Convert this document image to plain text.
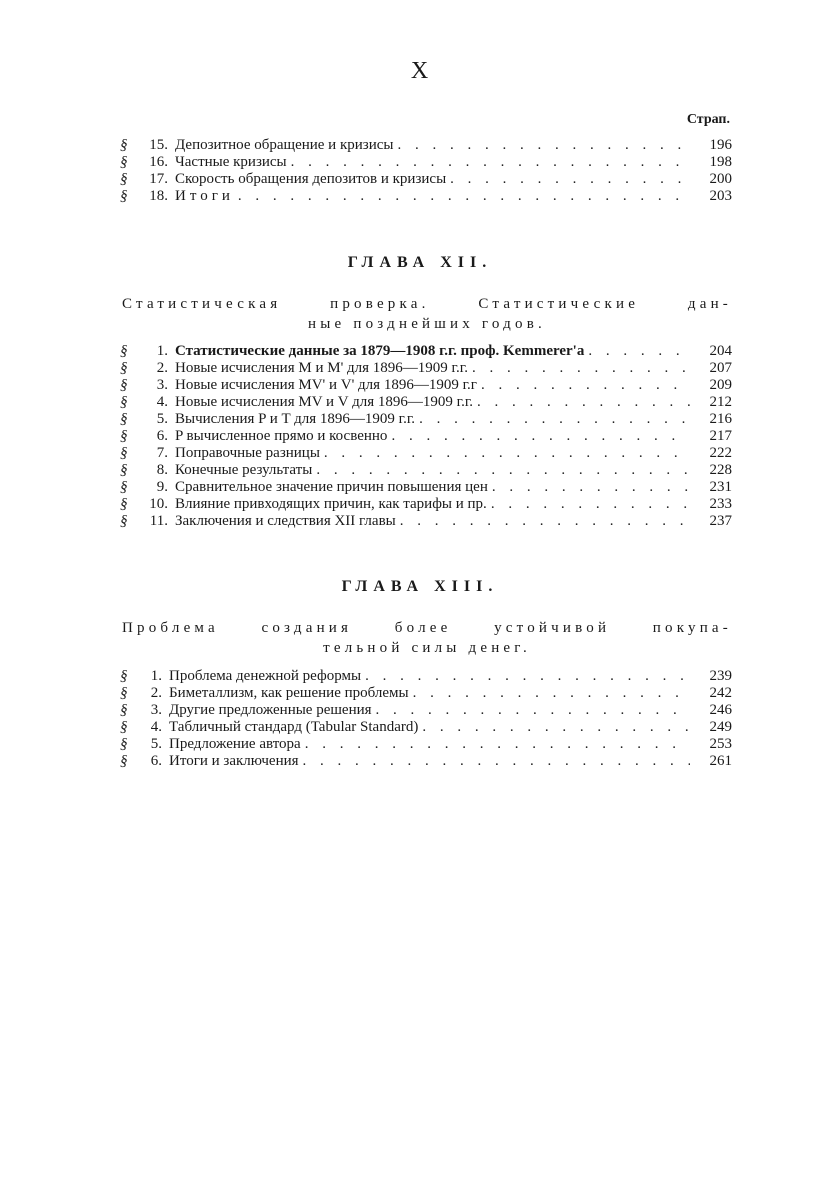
X
Страп.
§	15. Депозитное обращение и кризисы . . .	196
§	16. Частные кризисы . . .	198
§	17. Скорость обращения депозитов и кризисы . . .	200
§	18. Итоги . . .	203
ГЛАВА XII.
Статистическая проверка. Статистические дан-
ные позднейших годов.
§	1. Статистические данные за 1879—1908 г.г. проф. Kemmerer'a . . .	204
§	2. Новые исчисления M и M' для 1896—1909 г.г. . . .	207
§	3. Новые исчисления MV' и V' для 1896—1909 г.г . . .	209
§	4. Новые исчисления MV и V для 1896—1909 г.г. . . .	212
§	5. Вычисления P и T для 1896—1909 г.г. . . .	216
§	6. P вычисленное прямо и косвенно . . .	217
§	7. Поправочные разницы . . .	222
§	8. Конечные результаты . . .	228
§	9. Сравнительное значение причин повышения цен . . .	231
§	10. Влияние привходящих причин, как тарифы и пр. . . .	233
§	11. Заключения и следствия XII главы . . .	237
ГЛАВА XIII.
Проблема создания более устойчивой покупа-
тельной силы денег.
§	1. Проблема денежной реформы . . .	239
§	2. Биметаллизм, как решение проблемы . . .	242
§	3. Другие предложенные решения . . .	246
§	4. Табличный стандард (Tabular Standard) . . .	249
§	5. Предложение автора . . .	253
§	6. Итоги и заключения . . .	261
